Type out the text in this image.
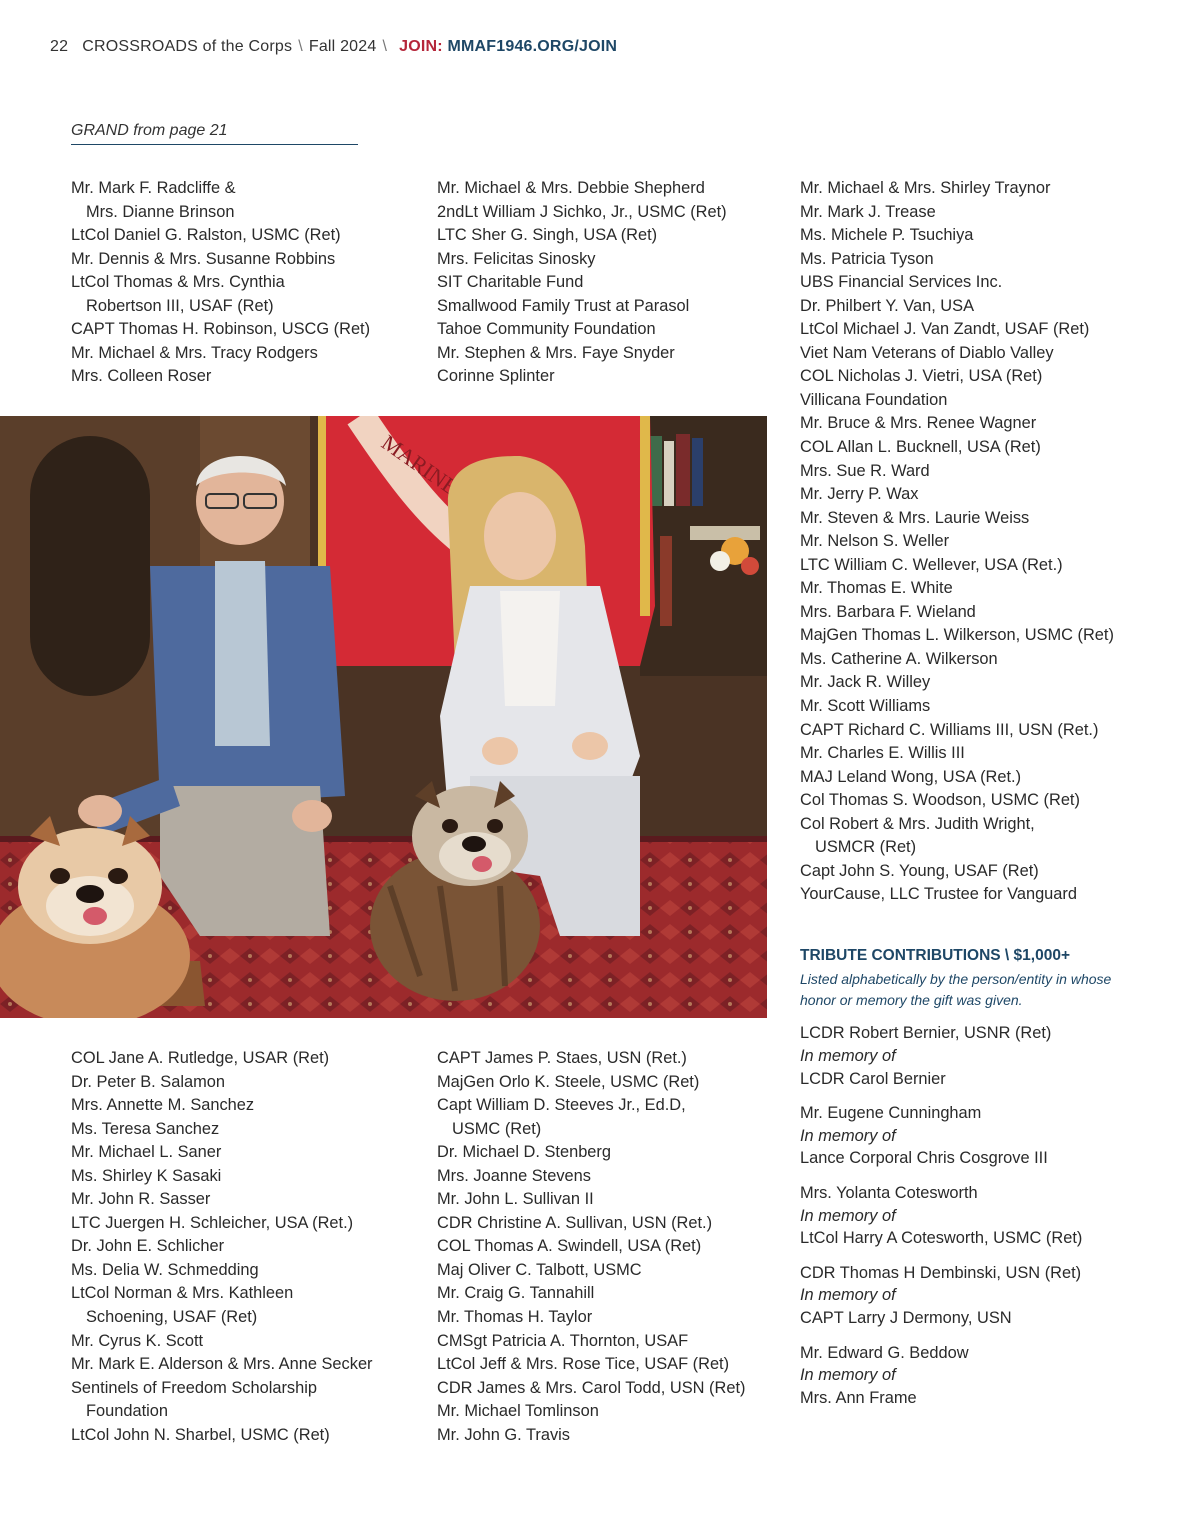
22 CROSSROADS of the Corps \ Fall 2024 \ JOIN: MMAF1946.ORG/JOIN
GRAND from page 21
Mr. Mark F. Radcliffe &
Mrs. Dianne Brinson
LtCol Daniel G. Ralston, USMC (Ret)
Mr. Dennis & Mrs. Susanne Robbins
LtCol Thomas & Mrs. Cynthia
Robertson III, USAF (Ret)
CAPT Thomas H. Robinson, USCG (Ret)
Mr. Michael & Mrs. Tracy Rodgers
Mrs. Colleen Roser
Mr. Michael & Mrs. Debbie Shepherd
2ndLt William J Sichko, Jr., USMC (Ret)
LTC Sher G. Singh, USA (Ret)
Mrs. Felicitas Sinosky
SIT Charitable Fund
Smallwood Family Trust at Parasol
Tahoe Community Foundation
Mr. Stephen & Mrs. Faye Snyder
Corinne Splinter
Mr. Michael & Mrs. Shirley Traynor
Mr. Mark J. Trease
Ms. Michele P. Tsuchiya
Ms. Patricia Tyson
UBS Financial Services Inc.
Dr. Philbert Y. Van, USA
LtCol Michael J. Van Zandt, USAF (Ret)
Viet Nam Veterans of Diablo Valley
COL Nicholas J. Vietri, USA (Ret)
Villicana Foundation
Mr. Bruce & Mrs. Renee Wagner
COL Allan L. Bucknell, USA (Ret)
Mrs. Sue R. Ward
Mr. Jerry P. Wax
Mr. Steven & Mrs. Laurie Weiss
Mr. Nelson S. Weller
LTC William C. Wellever, USA (Ret.)
Mr. Thomas E. White
Mrs. Barbara F. Wieland
MajGen Thomas L. Wilkerson, USMC (Ret)
Ms. Catherine A. Wilkerson
Mr. Jack R. Willey
Mr. Scott Williams
CAPT Richard C. Williams III, USN (Ret.)
Mr. Charles E. Willis III
MAJ Leland Wong, USA (Ret.)
Col Thomas S. Woodson, USMC (Ret)
Col Robert & Mrs. Judith Wright,
USMCR (Ret)
Capt John S. Young, USAF (Ret)
YourCause, LLC Trustee for Vanguard
COL Jane A. Rutledge, USAR (Ret)
Dr. Peter B. Salamon
Mrs. Annette M. Sanchez
Ms. Teresa Sanchez
Mr. Michael L. Saner
Ms. Shirley K Sasaki
Mr. John R. Sasser
LTC Juergen H. Schleicher, USA (Ret.)
Dr. John E. Schlicher
Ms. Delia W. Schmedding
LtCol Norman & Mrs. Kathleen
Schoening, USAF (Ret)
Mr. Cyrus K. Scott
Mr. Mark E. Alderson & Mrs. Anne Secker
Sentinels of Freedom Scholarship
Foundation
LtCol John N. Sharbel, USMC (Ret)
CAPT James P. Staes, USN (Ret.)
MajGen Orlo K. Steele, USMC (Ret)
Capt William D. Steeves Jr., Ed.D,
USMC (Ret)
Dr. Michael D. Stenberg
Mrs. Joanne Stevens
Mr. John L. Sullivan II
CDR Christine A. Sullivan, USN (Ret.)
COL Thomas A. Swindell, USA (Ret)
Maj Oliver C. Talbott, USMC
Mr. Craig G. Tannahill
Mr. Thomas H. Taylor
CMSgt Patricia A. Thornton, USAF
LtCol Jeff & Mrs. Rose Tice, USAF (Ret)
CDR James & Mrs. Carol Todd, USN (Ret)
Mr. Michael Tomlinson
Mr. John G. Travis
MARINE
TRIBUTE CONTRIBUTIONS \ $1,000+
Listed alphabetically by the person/entity in whose honor or memory the gift was given.
LCDR Robert Bernier, USNR (Ret)
In memory of
LCDR Carol Bernier
Mr. Eugene Cunningham
In memory of
Lance Corporal Chris Cosgrove III
Mrs. Yolanta Cotesworth
In memory of
LtCol Harry A Cotesworth, USMC (Ret)
CDR Thomas H Dembinski, USN (Ret)
In memory of
CAPT Larry J Dermony, USN
Mr. Edward G. Beddow
In memory of
Mrs. Ann Frame
